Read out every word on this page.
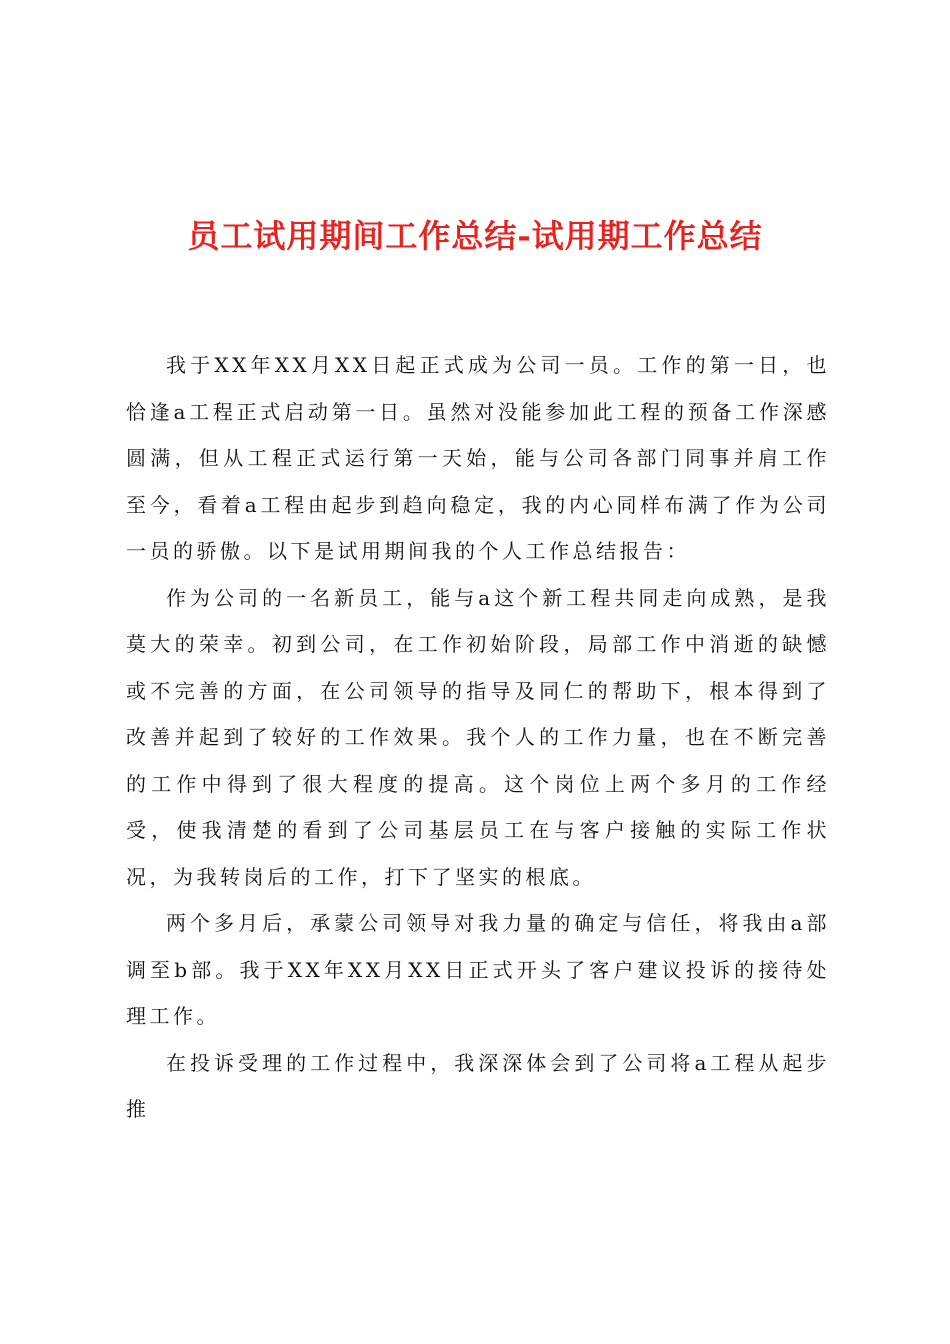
员工试用期间工作总结-试用期工作总结

我于XX年XX月XX日起正式成为公司一员。工作的第一日，也恰逢a工程正式启动第一日。虽然对没能参加此工程的预备工作深感圆满，但从工程正式运行第一天始，能与公司各部门同事并肩工作至今，看着a工程由起步到趋向稳定，我的内心同样布满了作为公司一员的骄傲。以下是试用期间我的个人工作总结报告：

作为公司的一名新员工，能与a这个新工程共同走向成熟，是我莫大的荣幸。初到公司，在工作初始阶段，局部工作中消逝的缺憾或不完善的方面，在公司领导的指导及同仁的帮助下，根本得到了改善并起到了较好的工作效果。我个人的工作力量，也在不断完善的工作中得到了很大程度的提高。这个岗位上两个多月的工作经受，使我清楚的看到了公司基层员工在与客户接触的实际工作状况，为我转岗后的工作，打下了坚实的根底。

两个多月后，承蒙公司领导对我力量的确定与信任，将我由a部调至b部。我于XX年XX月XX日正式开头了客户建议投诉的接待处理工作。

在投诉受理的工作过程中，我深深体会到了公司将a工程从起步推
